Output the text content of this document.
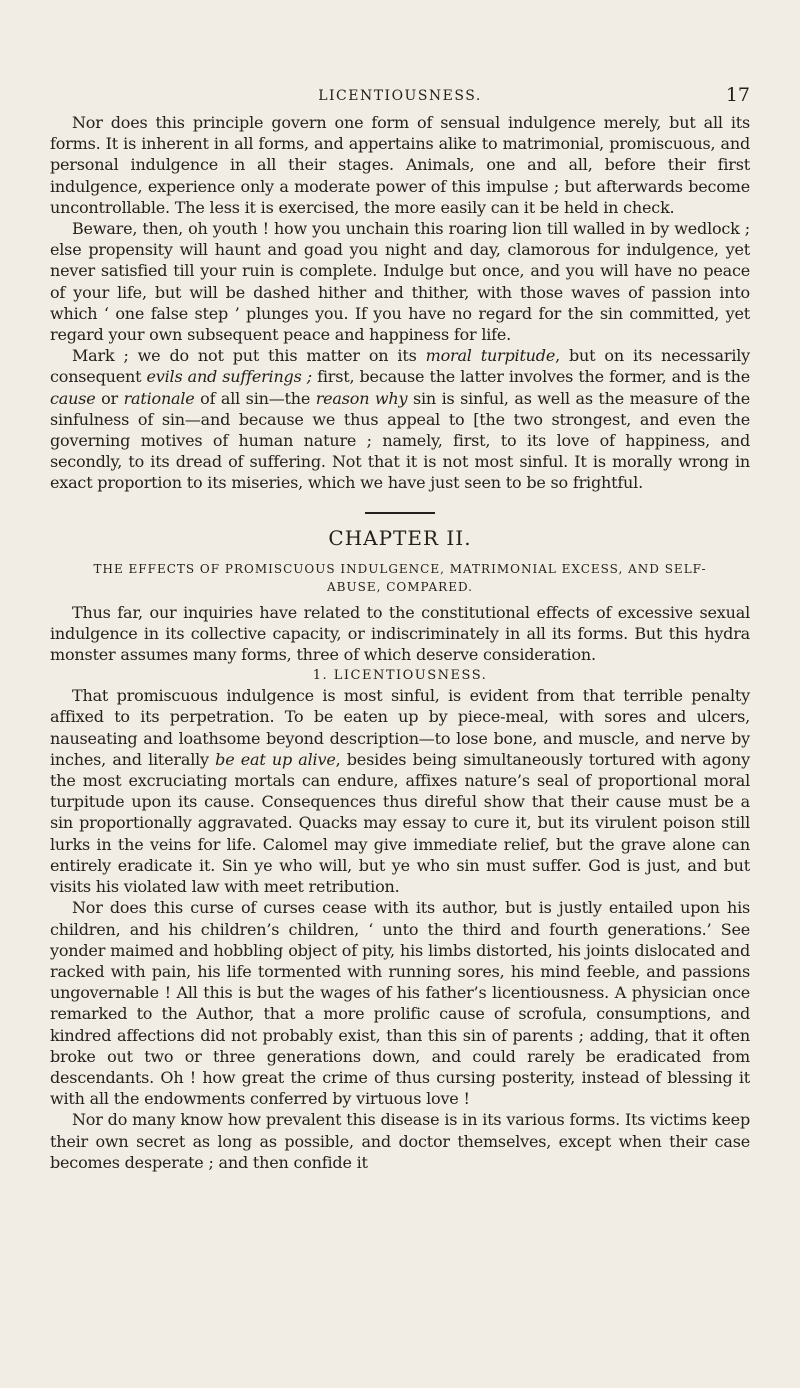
LICENTIOUSNESS.	17

Nor does this principle govern one form of sensual indulgence merely, but all its forms. It is inherent in all forms, and appertains alike to matrimonial, promiscuous, and personal indulgence in all their stages. Animals, one and all, before their first indulgence, experience only a moderate power of this impulse ; but afterwards become uncontrollable. The less it is exercised, the more easily can it be held in check.

Beware, then, oh youth ! how you unchain this roaring lion till walled in by wedlock ; else propensity will haunt and goad you night and day, clamorous for indulgence, yet never satisfied till your ruin is complete. Indulge but once, and you will have no peace of your life, but will be dashed hither and thither, with those waves of passion into which ‘ one false step ’ plunges you. If you have no regard for the sin committed, yet regard your own subsequent peace and happiness for life.

Mark ; we do not put this matter on its moral turpitude, but on its necessarily consequent evils and sufferings ; first, because the latter involves the former, and is the cause or rationale of all sin—the reason why sin is sinful, as well as the measure of the sinfulness of sin—and because we thus appeal to [the two strongest, and even the governing motives of human nature ; namely, first, to its love of happiness, and secondly, to its dread of suffering. Not that it is not most sinful. It is morally wrong in exact proportion to its miseries, which we have just seen to be so frightful.

CHAPTER II.
THE EFFECTS OF PROMISCUOUS INDULGENCE, MATRIMONIAL EXCESS, AND SELF-ABUSE, COMPARED.

Thus far, our inquiries have related to the constitutional effects of excessive sexual indulgence in its collective capacity, or indiscriminately in all its forms. But this hydra monster assumes many forms, three of which deserve consideration.

1. LICENTIOUSNESS.

That promiscuous indulgence is most sinful, is evident from that terrible penalty affixed to its perpetration. To be eaten up by piece-meal, with sores and ulcers, nauseating and loathsome beyond description—to lose bone, and muscle, and nerve by inches, and literally be eat up alive, besides being simultaneously tortured with agony the most excruciating mortals can endure, affixes nature’s seal of proportional moral turpitude upon its cause. Consequences thus direful show that their cause must be a sin proportionally aggravated. Quacks may essay to cure it, but its virulent poison still lurks in the veins for life. Calomel may give immediate relief, but the grave alone can entirely eradicate it. Sin ye who will, but ye who sin must suffer. God is just, and but visits his violated law with meet retribution.

Nor does this curse of curses cease with its author, but is justly entailed upon his children, and his children’s children, ‘ unto the third and fourth generations.’ See yonder maimed and hobbling object of pity, his limbs distorted, his joints dislocated and racked with pain, his life tormented with running sores, his mind feeble, and passions ungovernable ! All this is but the wages of his father’s licentiousness. A physician once remarked to the Author, that a more prolific cause of scrofula, consumptions, and kindred affections did not probably exist, than this sin of parents ; adding, that it often broke out two or three generations down, and could rarely be eradicated from descendants. Oh ! how great the crime of thus cursing posterity, instead of blessing it with all the endowments conferred by virtuous love !

Nor do many know how prevalent this disease is in its various forms. Its victims keep their own secret as long as possible, and doctor themselves, except when their case becomes desperate ; and then confide it
